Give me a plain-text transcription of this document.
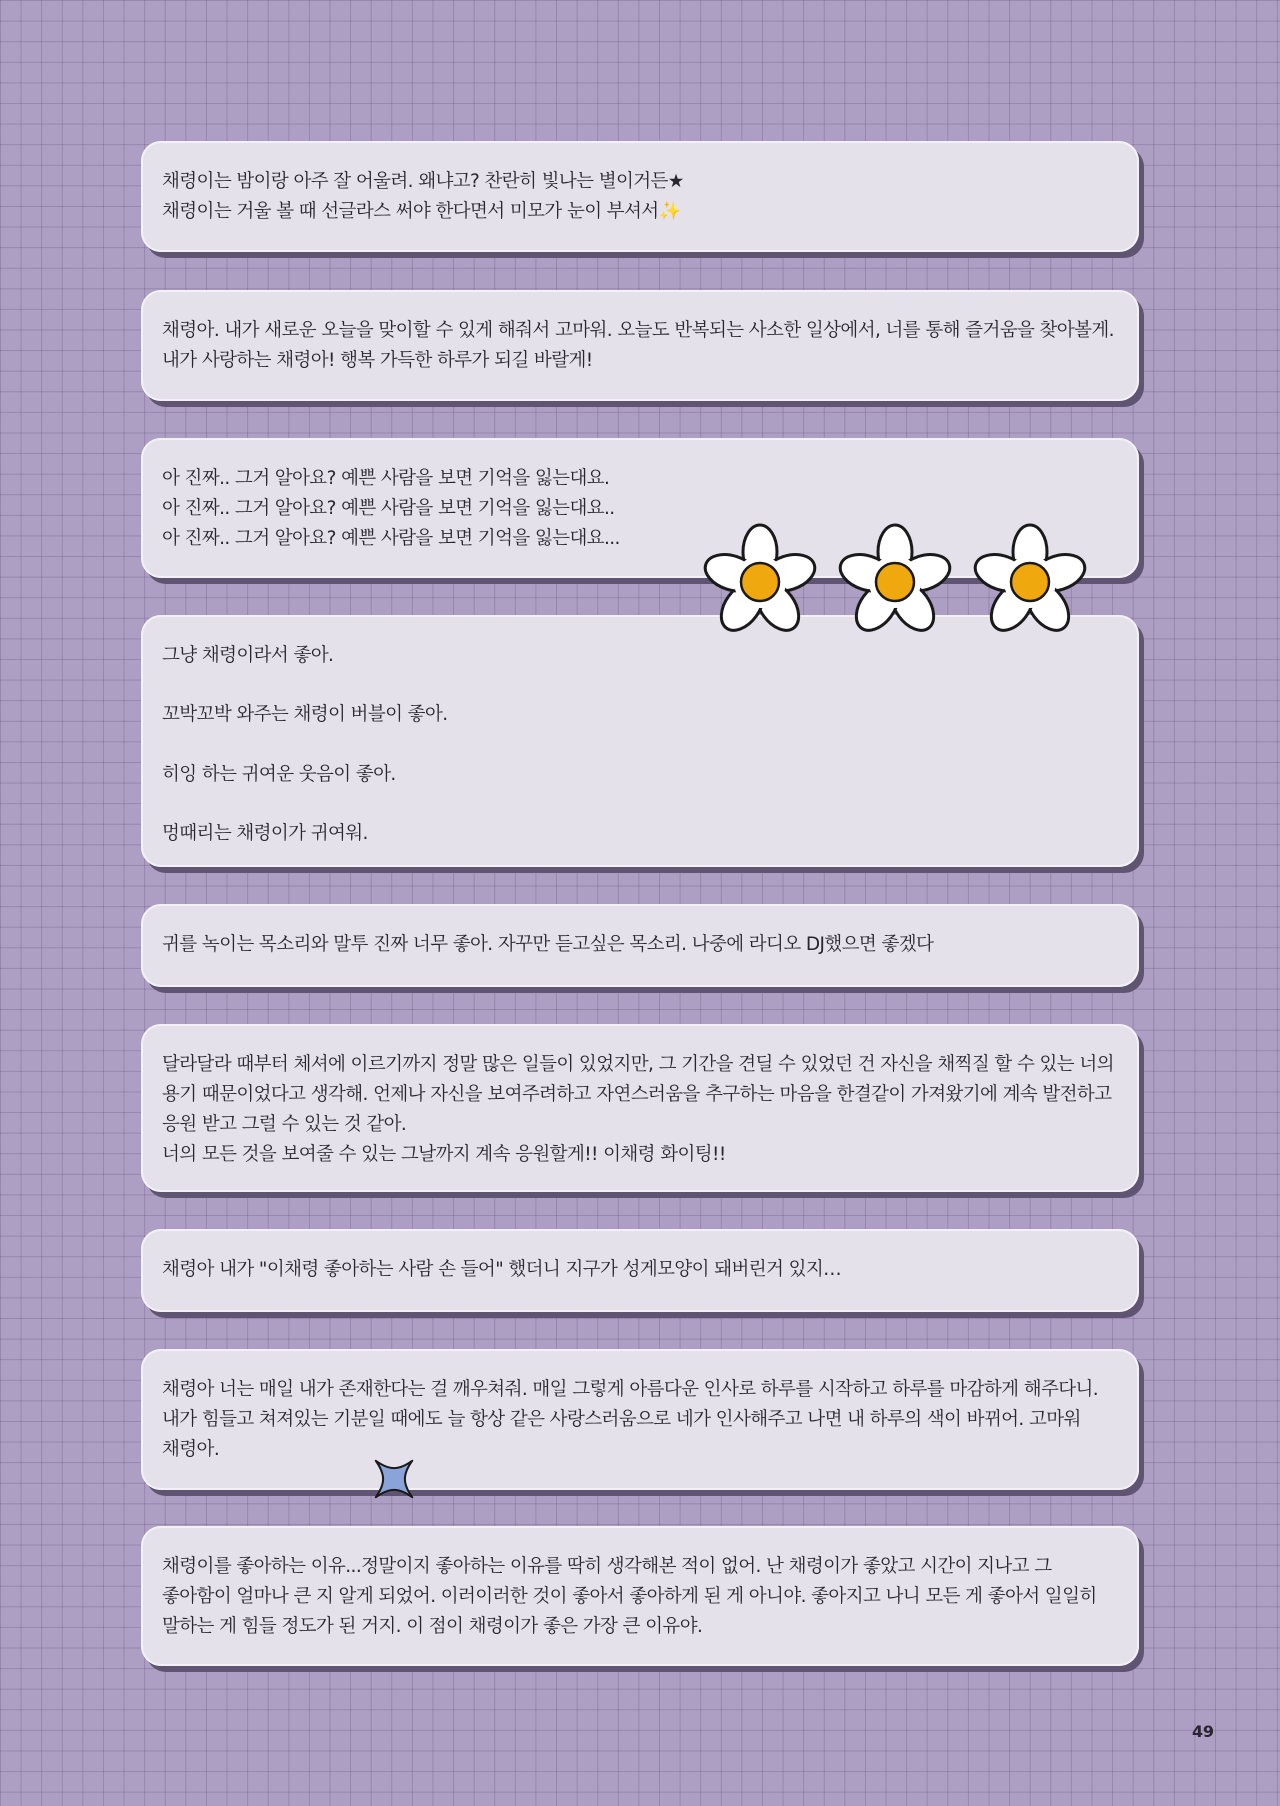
채령이는 밤이랑 아주 잘 어울려. 왜냐고? 찬란히 빛나는 별이거든★
채령이는 거울 볼 때 선글라스 써야 한다면서 미모가 눈이 부셔서✨

채령아. 내가 새로운 오늘을 맞이할 수 있게 해줘서 고마워. 오늘도 반복되는 사소한 일상에서, 너를 통해 즐거움을 찾아볼게. 내가 사랑하는 채령아! 행복 가득한 하루가 되길 바랄게!

아 진짜.. 그거 알아요? 예쁜 사람을 보면 기억을 잃는대요.
아 진짜.. 그거 알아요? 예쁜 사람을 보면 기억을 잃는대요..
아 진짜.. 그거 알아요? 예쁜 사람을 보면 기억을 잃는대요...

그냥 채령이라서 좋아.

꼬박꼬박 와주는 채령이 버블이 좋아.

히잉 하는 귀여운 웃음이 좋아.

멍때리는 채령이가 귀여워.

귀를 녹이는 목소리와 말투 진짜 너무 좋아. 자꾸만 듣고싶은 목소리. 나중에 라디오 DJ했으면 좋겠다

달라달라 때부터 체셔에 이르기까지 정말 많은 일들이 있었지만, 그 기간을 견딜 수 있었던 건 자신을 채찍질 할 수 있는 너의 용기 때문이었다고 생각해. 언제나 자신을 보여주려하고 자연스러움을 추구하는 마음을 한결같이 가져왔기에 계속 발전하고 응원 받고 그럴 수 있는 것 같아.
너의 모든 것을 보여줄 수 있는 그날까지 계속 응원할게!! 이채령 화이팅!!

채령아 내가 "이채령 좋아하는 사람 손 들어" 했더니 지구가 성게모양이 돼버린거 있지…

채령아 너는 매일 내가 존재한다는 걸 깨우쳐줘. 매일 그렇게 아름다운 인사로 하루를 시작하고 하루를 마감하게 해주다니. 내가 힘들고 쳐져있는 기분일 때에도 늘 항상 같은 사랑스러움으로 네가 인사해주고 나면 내 하루의 색이 바뀌어. 고마워 채령아.

채령이를 좋아하는 이유...정말이지 좋아하는 이유를 딱히 생각해본 적이 없어. 난 채령이가 좋았고 시간이 지나고 그 좋아함이 얼마나 큰 지 알게 되었어. 이러이러한 것이 좋아서 좋아하게 된 게 아니야. 좋아지고 나니 모든 게 좋아서 일일히 말하는 게 힘들 정도가 된 거지. 이 점이 채령이가 좋은 가장 큰 이유야.

49
